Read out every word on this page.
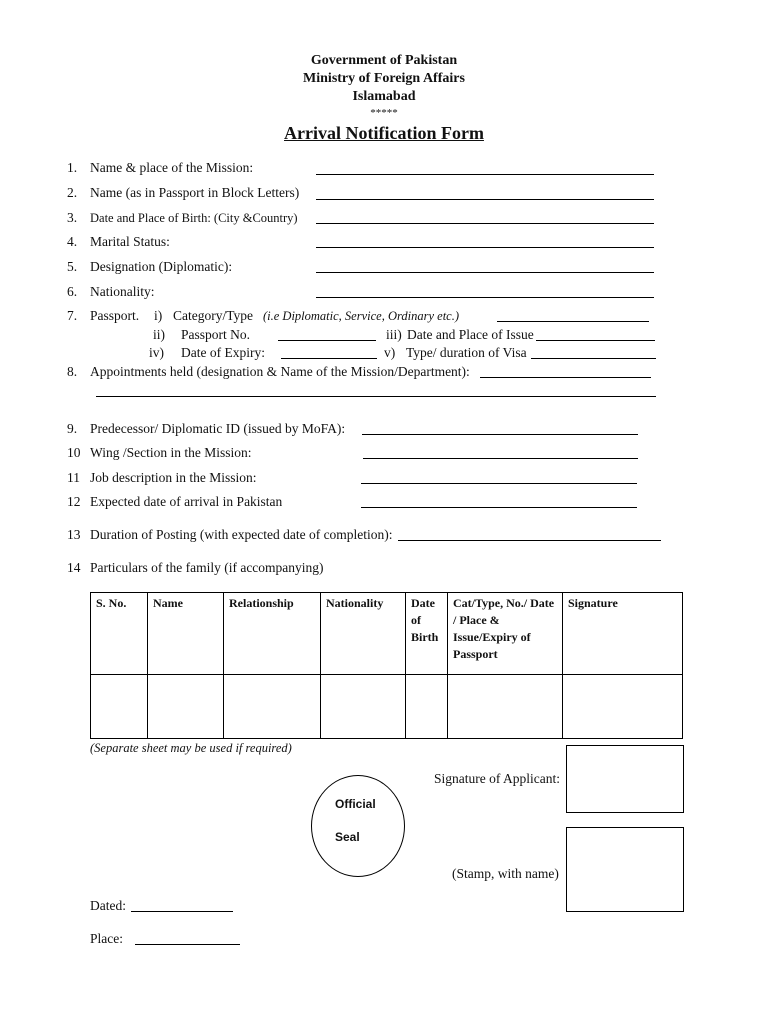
Government of Pakistan
Ministry of Foreign Affairs
Islamabad
*****
Arrival Notification Form
1. Name & place of the Mission:
2. Name (as in Passport in Block Letters)
3. Date and Place of Birth: (City &Country)
4. Marital Status:
5. Designation (Diplomatic):
6. Nationality:
7. Passport. i) Category/Type (i.e Diplomatic, Service, Ordinary etc.)
ii) Passport No.	iii) Date and Place of Issue
iv) Date of Expiry:	v) Type/ duration of Visa
8. Appointments held (designation & Name of the Mission/Department):
9. Predecessor/ Diplomatic ID (issued by MoFA):
10 Wing /Section in the Mission:
11 Job description in the Mission:
12 Expected date of arrival in Pakistan
13 Duration of Posting (with expected date of completion):
14 Particulars of the family (if accompanying)
S. No.	Name	Relationship	Nationality	Date of Birth	Cat/Type, No./ Date / Place & Issue/Expiry of Passport	Signature

(Separate sheet may be used if required)
Signature of Applicant:
Official
Seal
(Stamp, with name)
Dated:
Place:
